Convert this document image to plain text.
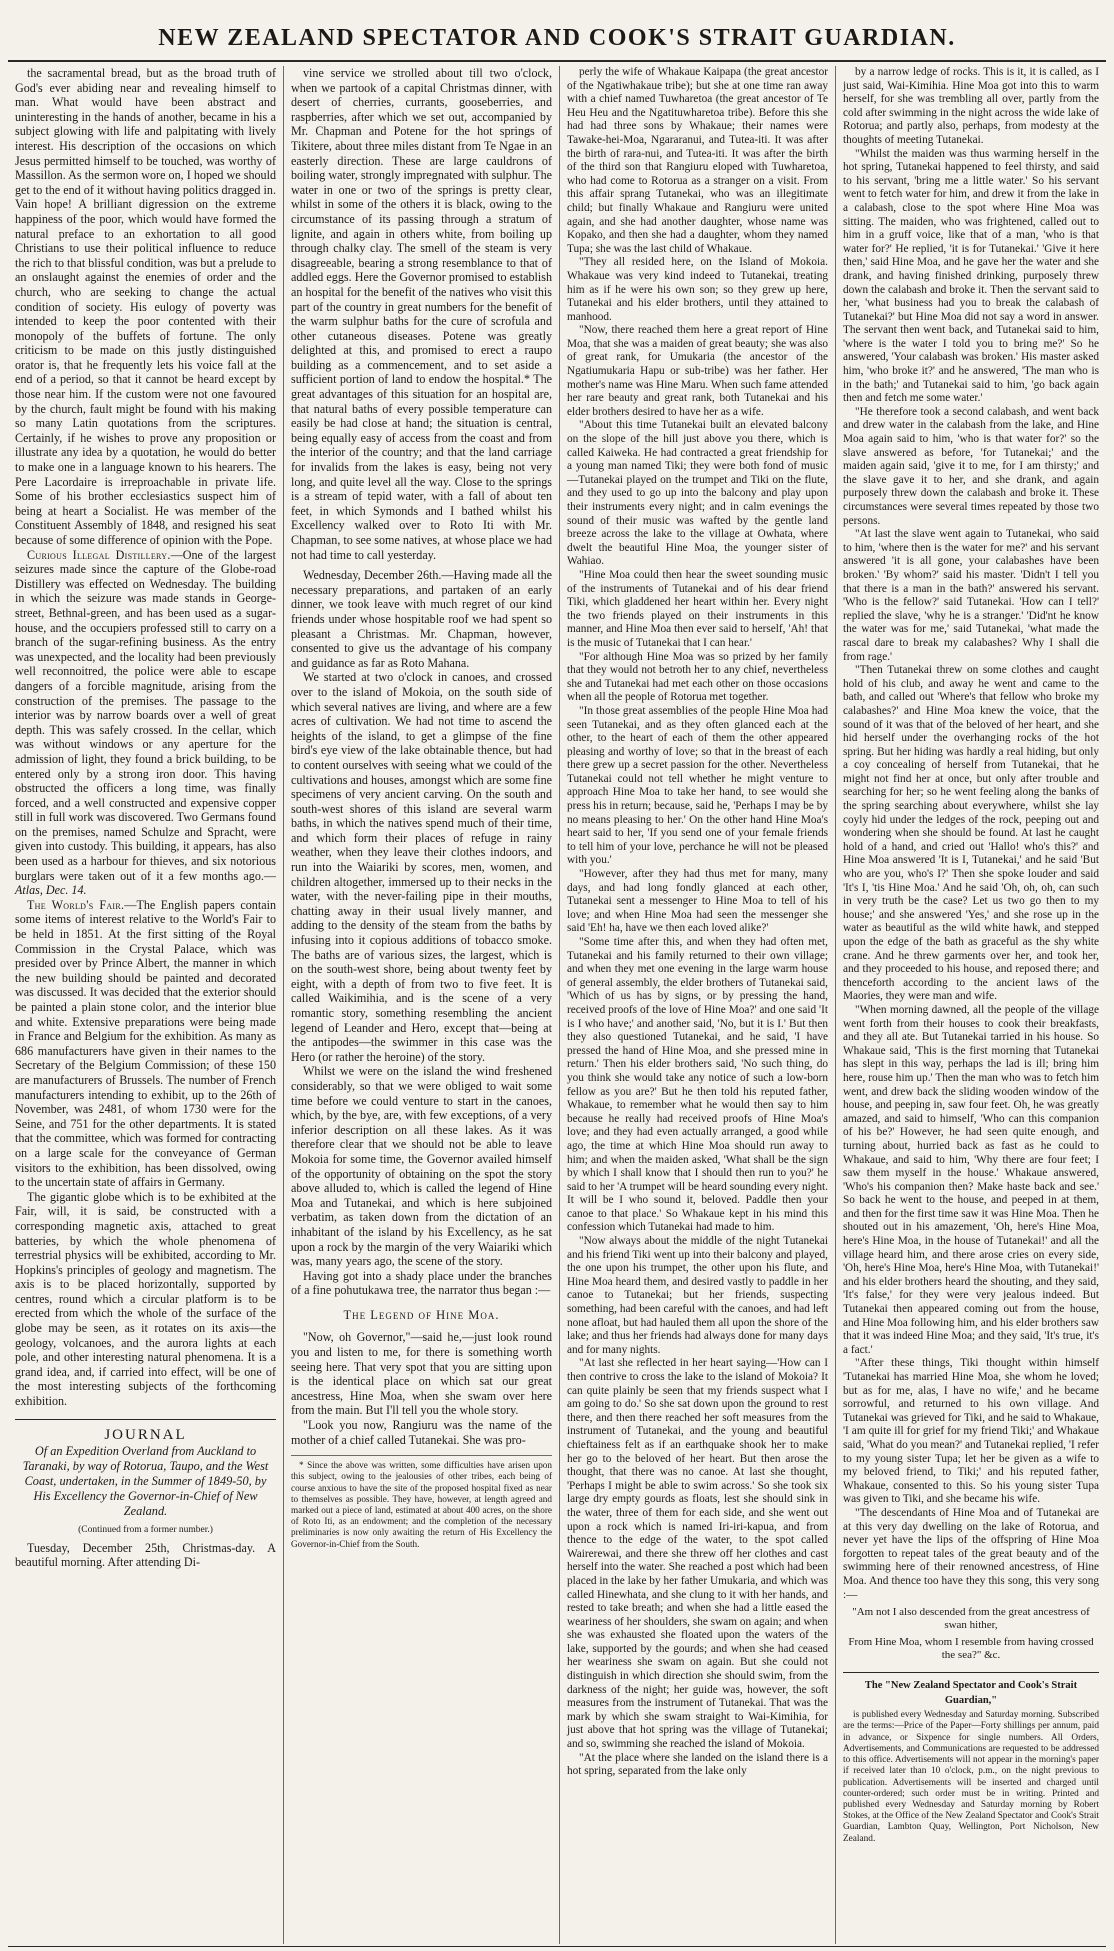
NEW ZEALAND SPECTATOR AND COOK'S STRAIT GUARDIAN.

the sacramental bread, but as the broad truth of God's ever abiding near and revealing himself to man. What would have been abstract and uninteresting in the hands of another, became in his a subject glowing with life and palpitating with lively interest. His description of the occasions on which Jesus permitted himself to be touched, was worthy of Massillon. As the sermon wore on, I hoped we should get to the end of it without having politics dragged in. Vain hope! A brilliant digression on the extreme happiness of the poor, which would have formed the natural preface to an exhortation to all good Christians to use their political influence to reduce the rich to that blissful condition, was but a prelude to an onslaught against the enemies of order and the church, who are seeking to change the actual condition of society. His eulogy of poverty was intended to keep the poor contented with their monopoly of the buffets of fortune. The only criticism to be made on this justly distinguished orator is, that he frequently lets his voice fall at the end of a period, so that it cannot be heard except by those near him. If the custom were not one favoured by the church, fault might be found with his making so many Latin quotations from the scriptures. Certainly, if he wishes to prove any proposition or illustrate any idea by a quotation, he would do better to make one in a language known to his hearers. The Pere Lacordaire is irreproachable in private life. Some of his brother ecclesiastics suspect him of being at heart a Socialist. He was member of the Constituent Assembly of 1848, and resigned his seat because of some difference of opinion with the Pope.

Curious Illegal Distillery.—One of the largest seizures made since the capture of the Globe-road Distillery was effected on Wednesday. The building in which the seizure was made stands in George-street, Bethnal-green, and has been used as a sugar-house, and the occupiers professed still to carry on a branch of the sugar-refining business. As the entry was unexpected, and the locality had been previously well reconnoitred, the police were able to escape dangers of a forcible magnitude, arising from the construction of the premises. The passage to the interior was by narrow boards over a well of great depth. This was safely crossed. In the cellar, which was without windows or any aperture for the admission of light, they found a brick building, to be entered only by a strong iron door. This having obstructed the officers a long time, was finally forced, and a well constructed and expensive copper still in full work was discovered. Two Germans found on the premises, named Schulze and Spracht, were given into custody. This building, it appears, has also been used as a harbour for thieves, and six notorious burglars were taken out of it a few months ago.—Atlas, Dec. 14.

The World's Fair.—The English papers contain some items of interest relative to the World's Fair to be held in 1851. At the first sitting of the Royal Commission in the Crystal Palace, which was presided over by Prince Albert, the manner in which the new building should be painted and decorated was discussed. It was decided that the exterior should be painted a plain stone color, and the interior blue and white. Extensive preparations were being made in France and Belgium for the exhibition. As many as 686 manufacturers have given in their names to the Secretary of the Belgium Commission; of these 150 are manufacturers of Brussels. The number of French manufacturers intending to exhibit, up to the 26th of November, was 2481, of whom 1730 were for the Seine, and 751 for the other departments. It is stated that the committee, which was formed for contracting on a large scale for the conveyance of German visitors to the exhibition, has been dissolved, owing to the uncertain state of affairs in Germany.

The gigantic globe which is to be exhibited at the Fair, will, it is said, be constructed with a corresponding magnetic axis, attached to great batteries, by which the whole phenomena of terrestrial physics will be exhibited, according to Mr. Hopkins's principles of geology and magnetism. The axis is to be placed horizontally, supported by centres, round which a circular platform is to be erected from which the whole of the surface of the globe may be seen, as it rotates on its axis—the geology, volcanoes, and the aurora lights at each pole, and other interesting natural phenomena. It is a grand idea, and, if carried into effect, will be one of the most interesting subjects of the forthcoming exhibition.

JOURNAL

Of an Expedition Overland from Auckland to Taranaki, by way of Rotorua, Taupo, and the West Coast, undertaken, in the Summer of 1849-50, by His Excellency the Governor-in-Chief of New Zealand.

(Continued from a former number.)

Tuesday, December 25th, Christmas-day. A beautiful morning. After attending Di-

vine service we strolled about till two o'clock, when we partook of a capital Christmas dinner, with desert of cherries, currants, gooseberries, and raspberries, after which we set out, accompanied by Mr. Chapman and Potene for the hot springs of Tikitere, about three miles distant from Te Ngae in an easterly direction. These are large cauldrons of boiling water, strongly impregnated with sulphur. The water in one or two of the springs is pretty clear, whilst in some of the others it is black, owing to the circumstance of its passing through a stratum of lignite, and again in others white, from boiling up through chalky clay. The smell of the steam is very disagreeable, bearing a strong resemblance to that of addled eggs. Here the Governor promised to establish an hospital for the benefit of the natives who visit this part of the country in great numbers for the benefit of the warm sulphur baths for the cure of scrofula and other cutaneous diseases. Potene was greatly delighted at this, and promised to erect a raupo building as a commencement, and to set aside a sufficient portion of land to endow the hospital.* The great advantages of this situation for an hospital are, that natural baths of every possible temperature can easily be had close at hand; the situation is central, being equally easy of access from the coast and from the interior of the country; and that the land carriage for invalids from the lakes is easy, being not very long, and quite level all the way. Close to the springs is a stream of tepid water, with a fall of about ten feet, in which Symonds and I bathed whilst his Excellency walked over to Roto Iti with Mr. Chapman, to see some natives, at whose place we had not had time to call yesterday.

Wednesday, December 26th.—Having made all the necessary preparations, and partaken of an early dinner, we took leave with much regret of our kind friends under whose hospitable roof we had spent so pleasant a Christmas. Mr. Chapman, however, consented to give us the advantage of his company and guidance as far as Roto Mahana.

We started at two o'clock in canoes, and crossed over to the island of Mokoia, on the south side of which several natives are living, and where are a few acres of cultivation. We had not time to ascend the heights of the island, to get a glimpse of the fine bird's eye view of the lake obtainable thence, but had to content ourselves with seeing what we could of the cultivations and houses, amongst which are some fine specimens of very ancient carving. On the south and south-west shores of this island are several warm baths, in which the natives spend much of their time, and which form their places of refuge in rainy weather, when they leave their clothes indoors, and run into the Waiariki by scores, men, women, and children altogether, immersed up to their necks in the water, with the never-failing pipe in their mouths, chatting away in their usual lively manner, and adding to the density of the steam from the baths by infusing into it copious additions of tobacco smoke. The baths are of various sizes, the largest, which is on the south-west shore, being about twenty feet by eight, with a depth of from two to five feet. It is called Waikimihia, and is the scene of a very romantic story, something resembling the ancient legend of Leander and Hero, except that—being at the antipodes—the swimmer in this case was the Hero (or rather the heroine) of the story.

Whilst we were on the island the wind freshened considerably, so that we were obliged to wait some time before we could venture to start in the canoes, which, by the bye, are, with few exceptions, of a very inferior description on all these lakes. As it was therefore clear that we should not be able to leave Mokoia for some time, the Governor availed himself of the opportunity of obtaining on the spot the story above alluded to, which is called the legend of Hine Moa and Tutanekai, and which is here subjoined verbatim, as taken down from the dictation of an inhabitant of the island by his Excellency, as he sat upon a rock by the margin of the very Waiariki which was, many years ago, the scene of the story.

Having got into a shady place under the branches of a fine pohutukawa tree, the narrator thus began :—

The Legend of Hine Moa.

"Now, oh Governor,"—said he,—just look round you and listen to me, for there is something worth seeing here. That very spot that you are sitting upon is the identical place on which sat our great ancestress, Hine Moa, when she swam over here from the main. But I'll tell you the whole story.

"Look you now, Rangiuru was the name of the mother of a chief called Tutanekai. She was pro-

* Since the above was written, some difficulties have arisen upon this subject, owing to the jealousies of other tribes, each being of course anxious to have the site of the proposed hospital fixed as near to themselves as possible. They have, however, at length agreed and marked out a piece of land, estimated at about 400 acres, on the shore of Roto Iti, as an endowment; and the completion of the necessary preliminaries is now only awaiting the return of His Excellency the Governor-in-Chief from the South.

perly the wife of Whakaue Kaipapa (the great ancestor of the Ngatiwhakaue tribe); but she at one time ran away with a chief named Tuwharetoa (the great ancestor of Te Heu Heu and the Ngatituwharetoa tribe). Before this she had had three sons by Whakaue; their names were Tawake-hei-Moa, Ngararanui, and Tutea-iti. It was after the birth of rara-nui, and Tutea-iti. It was after the birth of the third son that Rangiuru eloped with Tuwharetoa, who had come to Rotorua as a stranger on a visit. From this affair sprang Tutanekai, who was an illegitimate child; but finally Whakaue and Rangiuru were united again, and she had another daughter, whose name was Kopako, and then she had a daughter, whom they named Tupa; she was the last child of Whakaue.

"They all resided here, on the Island of Mokoia. Whakaue was very kind indeed to Tutanekai, treating him as if he were his own son; so they grew up here, Tutanekai and his elder brothers, until they attained to manhood.

"Now, there reached them here a great report of Hine Moa, that she was a maiden of great beauty; she was also of great rank, for Umukaria (the ancestor of the Ngatiumukaria Hapu or sub-tribe) was her father. Her mother's name was Hine Maru. When such fame attended her rare beauty and great rank, both Tutanekai and his elder brothers desired to have her as a wife.

"About this time Tutanekai built an elevated balcony on the slope of the hill just above you there, which is called Kaiweka. He had contracted a great friendship for a young man named Tiki; they were both fond of music—Tutanekai played on the trumpet and Tiki on the flute, and they used to go up into the balcony and play upon their instruments every night; and in calm evenings the sound of their music was wafted by the gentle land breeze across the lake to the village at Owhata, where dwelt the beautiful Hine Moa, the younger sister of Wahiao.

"Hine Moa could then hear the sweet sounding music of the instruments of Tutanekai and of his dear friend Tiki, which gladdened her heart within her. Every night the two friends played on their instruments in this manner, and Hine Moa then ever said to herself, 'Ah! that is the music of Tutanekai that I can hear.'

"For although Hine Moa was so prized by her family that they would not betroth her to any chief, nevertheless she and Tutanekai had met each other on those occasions when all the people of Rotorua met together.

"In those great assemblies of the people Hine Moa had seen Tutanekai, and as they often glanced each at the other, to the heart of each of them the other appeared pleasing and worthy of love; so that in the breast of each there grew up a secret passion for the other. Nevertheless Tutanekai could not tell whether he might venture to approach Hine Moa to take her hand, to see would she press his in return; because, said he, 'Perhaps I may be by no means pleasing to her.' On the other hand Hine Moa's heart said to her, 'If you send one of your female friends to tell him of your love, perchance he will not be pleased with you.'

"However, after they had thus met for many, many days, and had long fondly glanced at each other, Tutanekai sent a messenger to Hine Moa to tell of his love; and when Hine Moa had seen the messenger she said 'Eh! ha, have we then each loved alike?'

"Some time after this, and when they had often met, Tutanekai and his family returned to their own village; and when they met one evening in the large warm house of general assembly, the elder brothers of Tutanekai said, 'Which of us has by signs, or by pressing the hand, received proofs of the love of Hine Moa?' and one said 'It is I who have;' and another said, 'No, but it is I.' But then they also questioned Tutanekai, and he said, 'I have pressed the hand of Hine Moa, and she pressed mine in return.' Then his elder brothers said, 'No such thing, do you think she would take any notice of such a low-born fellow as you are?' But he then told his reputed father, Whakaue, to remember what he would then say to him because he really had received proofs of Hine Moa's love; and they had even actually arranged, a good while ago, the time at which Hine Moa should run away to him; and when the maiden asked, 'What shall be the sign by which I shall know that I should then run to you?' he said to her 'A trumpet will be heard sounding every night. It will be I who sound it, beloved. Paddle then your canoe to that place.' So Whakaue kept in his mind this confession which Tutanekai had made to him.

"Now always about the middle of the night Tutanekai and his friend Tiki went up into their balcony and played, the one upon his trumpet, the other upon his flute, and Hine Moa heard them, and desired vastly to paddle in her canoe to Tutanekai; but her friends, suspecting something, had been careful with the canoes, and had left none afloat, but had hauled them all upon the shore of the lake; and thus her friends had always done for many days and for many nights.

"At last she reflected in her heart saying—'How can I then contrive to cross the lake to the island of Mokoia? It can quite plainly be seen that my friends suspect what I am going to do.' So she sat down upon the ground to rest there, and then there reached her soft measures from the instrument of Tutanekai, and the young and beautiful chieftainess felt as if an earthquake shook her to make her go to the beloved of her heart. But then arose the thought, that there was no canoe. At last she thought, 'Perhaps I might be able to swim across.' So she took six large dry empty gourds as floats, lest she should sink in the water, three of them for each side, and she went out upon a rock which is named Iri-iri-kapua, and from thence to the edge of the water, to the spot called Wairerewai, and there she threw off her clothes and cast herself into the water. She reached a post which had been placed in the lake by her father Umukaria, and which was called Hinewhata, and she clung to it with her hands, and rested to take breath; and when she had a little eased the weariness of her shoulders, she swam on again; and when she was exhausted she floated upon the waters of the lake, supported by the gourds; and when she had ceased her weariness she swam on again. But she could not distinguish in which direction she should swim, from the darkness of the night; her guide was, however, the soft measures from the instrument of Tutanekai. That was the mark by which she swam straight to Wai-Kimihia, for just above that hot spring was the village of Tutanekai; and so, swimming she reached the island of Mokoia.

"At the place where she landed on the island there is a hot spring, separated from the lake only

by a narrow ledge of rocks. This is it, it is called, as I just said, Wai-Kimihia. Hine Moa got into this to warm herself, for she was trembling all over, partly from the cold after swimming in the night across the wide lake of Rotorua; and partly also, perhaps, from modesty at the thoughts of meeting Tutanekai.

"Whilst the maiden was thus warming herself in the hot spring, Tutanekai happened to feel thirsty, and said to his servant, 'bring me a little water.' So his servant went to fetch water for him, and drew it from the lake in a calabash, close to the spot where Hine Moa was sitting. The maiden, who was frightened, called out to him in a gruff voice, like that of a man, 'who is that water for?' He replied, 'it is for Tutanekai.' 'Give it here then,' said Hine Moa, and he gave her the water and she drank, and having finished drinking, purposely threw down the calabash and broke it. Then the servant said to her, 'what business had you to break the calabash of Tutanekai?' but Hine Moa did not say a word in answer. The servant then went back, and Tutanekai said to him, 'where is the water I told you to bring me?' So he answered, 'Your calabash was broken.' His master asked him, 'who broke it?' and he answered, 'The man who is in the bath;' and Tutanekai said to him, 'go back again then and fetch me some water.'

"He therefore took a second calabash, and went back and drew water in the calabash from the lake, and Hine Moa again said to him, 'who is that water for?' so the slave answered as before, 'for Tutanekai;' and the maiden again said, 'give it to me, for I am thirsty;' and the slave gave it to her, and she drank, and again purposely threw down the calabash and broke it. These circumstances were several times repeated by those two persons.

"At last the slave went again to Tutanekai, who said to him, 'where then is the water for me?' and his servant answered 'it is all gone, your calabashes have been broken.' 'By whom?' said his master. 'Didn't I tell you that there is a man in the bath?' answered his servant. 'Who is the fellow?' said Tutanekai. 'How can I tell?' replied the slave, 'why he is a stranger.' 'Did'nt he know the water was for me,' said Tutanekai, 'what made the rascal dare to break my calabashes? Why I shall die from rage.'

"Then Tutanekai threw on some clothes and caught hold of his club, and away he went and came to the bath, and called out 'Where's that fellow who broke my calabashes?' and Hine Moa knew the voice, that the sound of it was that of the beloved of her heart, and she hid herself under the overhanging rocks of the hot spring. But her hiding was hardly a real hiding, but only a coy concealing of herself from Tutanekai, that he might not find her at once, but only after trouble and searching for her; so he went feeling along the banks of the spring searching about everywhere, whilst she lay coyly hid under the ledges of the rock, peeping out and wondering when she should be found. At last he caught hold of a hand, and cried out 'Hallo! who's this?' and Hine Moa answered 'It is I, Tutanekai,' and he said 'But who are you, who's I?' Then she spoke louder and said 'It's I, 'tis Hine Moa.' And he said 'Oh, oh, oh, can such in very truth be the case? Let us two go then to my house;' and she answered 'Yes,' and she rose up in the water as beautiful as the wild white hawk, and stepped upon the edge of the bath as graceful as the shy white crane. And he threw garments over her, and took her, and they proceeded to his house, and reposed there; and thenceforth according to the ancient laws of the Maories, they were man and wife.

"When morning dawned, all the people of the village went forth from their houses to cook their breakfasts, and they all ate. But Tutanekai tarried in his house. So Whakaue said, 'This is the first morning that Tutanekai has slept in this way, perhaps the lad is ill; bring him here, rouse him up.' Then the man who was to fetch him went, and drew back the sliding wooden window of the house, and peeping in, saw four feet. Oh, he was greatly amazed, and said to himself, 'Who can this companion of his be?' However, he had seen quite enough, and turning about, hurried back as fast as he could to Whakaue, and said to him, 'Why there are four feet; I saw them myself in the house.' Whakaue answered, 'Who's his companion then? Make haste back and see.' So back he went to the house, and peeped in at them, and then for the first time saw it was Hine Moa. Then he shouted out in his amazement, 'Oh, here's Hine Moa, here's Hine Moa, in the house of Tutanekai!' and all the village heard him, and there arose cries on every side, 'Oh, here's Hine Moa, here's Hine Moa, with Tutanekai!' and his elder brothers heard the shouting, and they said, 'It's false,' for they were very jealous indeed. But Tutanekai then appeared coming out from the house, and Hine Moa following him, and his elder brothers saw that it was indeed Hine Moa; and they said, 'It's true, it's a fact.'

"After these things, Tiki thought within himself 'Tutanekai has married Hine Moa, she whom he loved; but as for me, alas, I have no wife,' and he became sorrowful, and returned to his own village. And Tutanekai was grieved for Tiki, and he said to Whakaue, 'I am quite ill for grief for my friend Tiki;' and Whakaue said, 'What do you mean?' and Tutanekai replied, 'I refer to my young sister Tupa; let her be given as a wife to my beloved friend, to Tiki;' and his reputed father, Whakaue, consented to this. So his young sister Tupa was given to Tiki, and she became his wife.

"The descendants of Hine Moa and of Tutanekai are at this very day dwelling on the lake of Rotorua, and never yet have the lips of the offspring of Hine Moa forgotten to repeat tales of the great beauty and of the swimming here of their renowned ancestress, of Hine Moa. And thence too have they this song, this very song :—

"Am not I also descended from the great ancestress of swan hither,

From Hine Moa, whom I resemble from having crossed the sea?" &c.

The "New Zealand Spectator and Cook's Strait Guardian,"

is published every Wednesday and Saturday morning. Subscribed are the terms:—Price of the Paper—Forty shillings per annum, paid in advance, or Sixpence for single numbers. All Orders, Advertisements, and Communications are requested to be addressed to this office. Advertisements will not appear in the morning's paper if received later than 10 o'clock, p.m., on the night previous to publication. Advertisements will be inserted and charged until counter-ordered; such order must be in writing. Printed and published every Wednesday and Saturday morning by Robert Stokes, at the Office of the New Zealand Spectator and Cook's Strait Guardian, Lambton Quay, Wellington, Port Nicholson, New Zealand.
